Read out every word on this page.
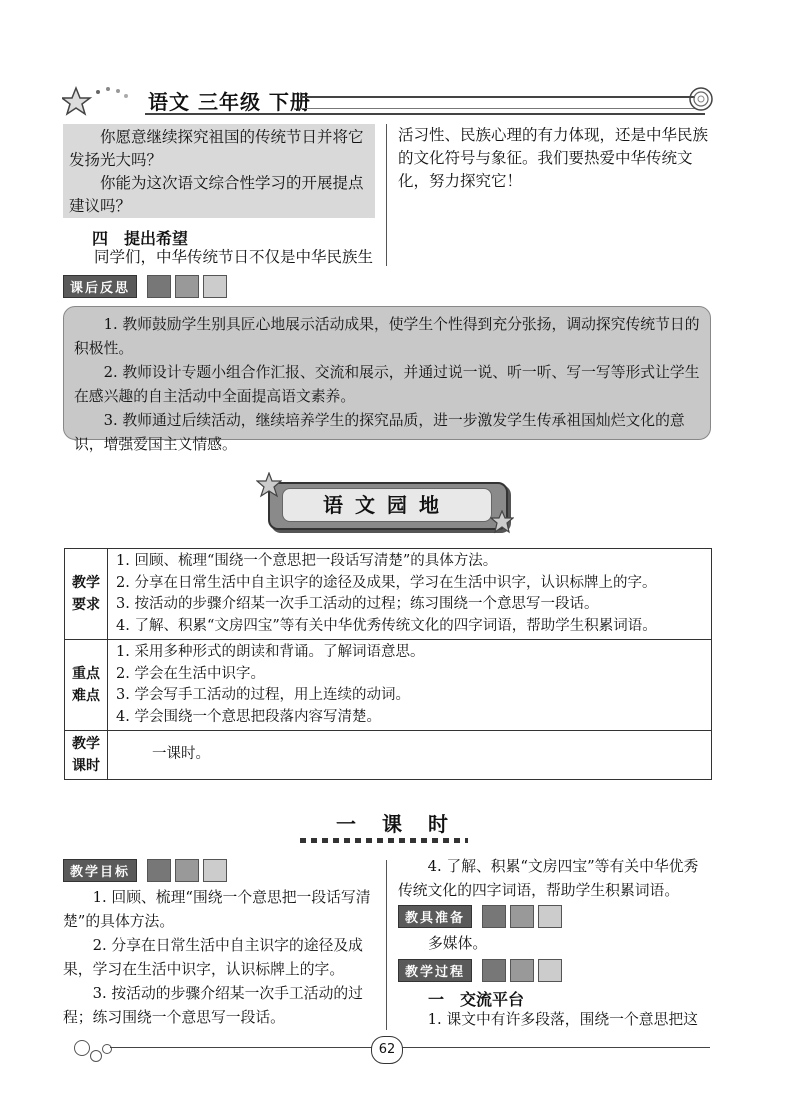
语文 三年级 下册

你愿意继续探究祖国的传统节日并将它发扬光大吗？

你能为这次语文综合性学习的开展提点建议吗？

四　提出希望

同学们，中华传统节日不仅是中华民族生

活习性、民族心理的有力体现，还是中华民族的文化符号与象征。我们要热爱中华传统文化，努力探究它！

课后反思

1. 教师鼓励学生别具匠心地展示活动成果，使学生个性得到充分张扬，调动探究传统节日的积极性。

2. 教师设计专题小组合作汇报、交流和展示，并通过说一说、听一听、写一写等形式让学生在感兴趣的自主活动中全面提高语文素养。

3. 教师通过后续活动，继续培养学生的探究品质，进一步激发学生传承祖国灿烂文化的意识，增强爱国主义情感。

语文园地
教学要求	1. 回顾、梳理“围绕一个意思把一段话写清楚”的具体方法。
2. 分享在日常生活中自主识字的途径及成果，学习在生活中识字，认识标牌上的字。
3. 按活动的步骤介绍某一次手工活动的过程；练习围绕一个意思写一段话。
4. 了解、积累“文房四宝”等有关中华优秀传统文化的四字词语，帮助学生积累词语。

重点难点	1. 采用多种形式的朗读和背诵。了解词语意思。
2. 学会在生活中识字。
3. 学会写手工活动的过程，用上连续的动词。
4. 学会围绕一个意思把段落内容写清楚。

教学课时	一课时。
一课时
教学目标

1. 回顾、梳理“围绕一个意思把一段话写清楚”的具体方法。

2. 分享在日常生活中自主识字的途径及成果，学习在生活中识字，认识标牌上的字。

3. 按活动的步骤介绍某一次手工活动的过程；练习围绕一个意思写一段话。

4. 了解、积累“文房四宝”等有关中华优秀传统文化的四字词语，帮助学生积累词语。

教具准备

多媒体。

教学过程
一　交流平台

1. 课文中有许多段落，围绕一个意思把这

62
